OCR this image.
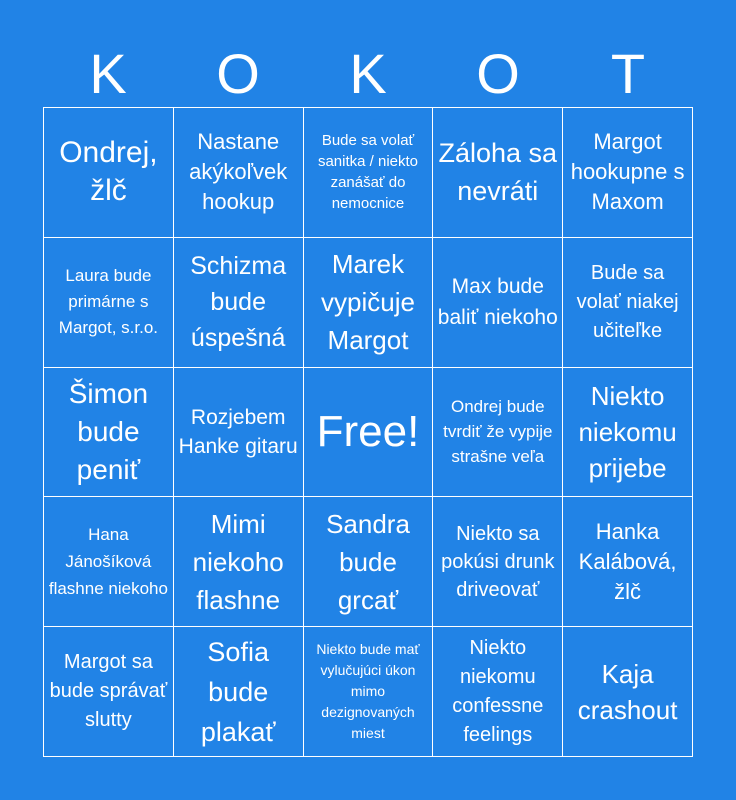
K	O	K	O	T
Ondrej, žlč
Nastane akýkoľvek hookup
Bude sa volať sanitka / niekto zanášať do nemocnice
Záloha sa nevráti
Margot hookupne s Maxom
Laura bude primárne s Margot, s.r.o.
Schizma bude úspešná
Marek vypičuje Margot
Max bude baliť niekoho
Bude sa volať niakej učiteľke
Šimon bude peniť
Rozjebem Hanke gitaru Free!	Ondrej bude tvrdiť že vypije strašne veľa
Niekto niekomu prijebe
Hana Jánošíková flashne niekoho
Mimi niekoho flashne
Sandra bude grcať
Niekto sa pokúsi drunk driveovať
Hanka Kalábová, žlč
Margot sa bude správať slutty
Sofia bude plakať
Niekto bude mať vylučujúci úkon mimo dezignovaných miest
Niekto niekomu confessne feelings
Kaja crashout
